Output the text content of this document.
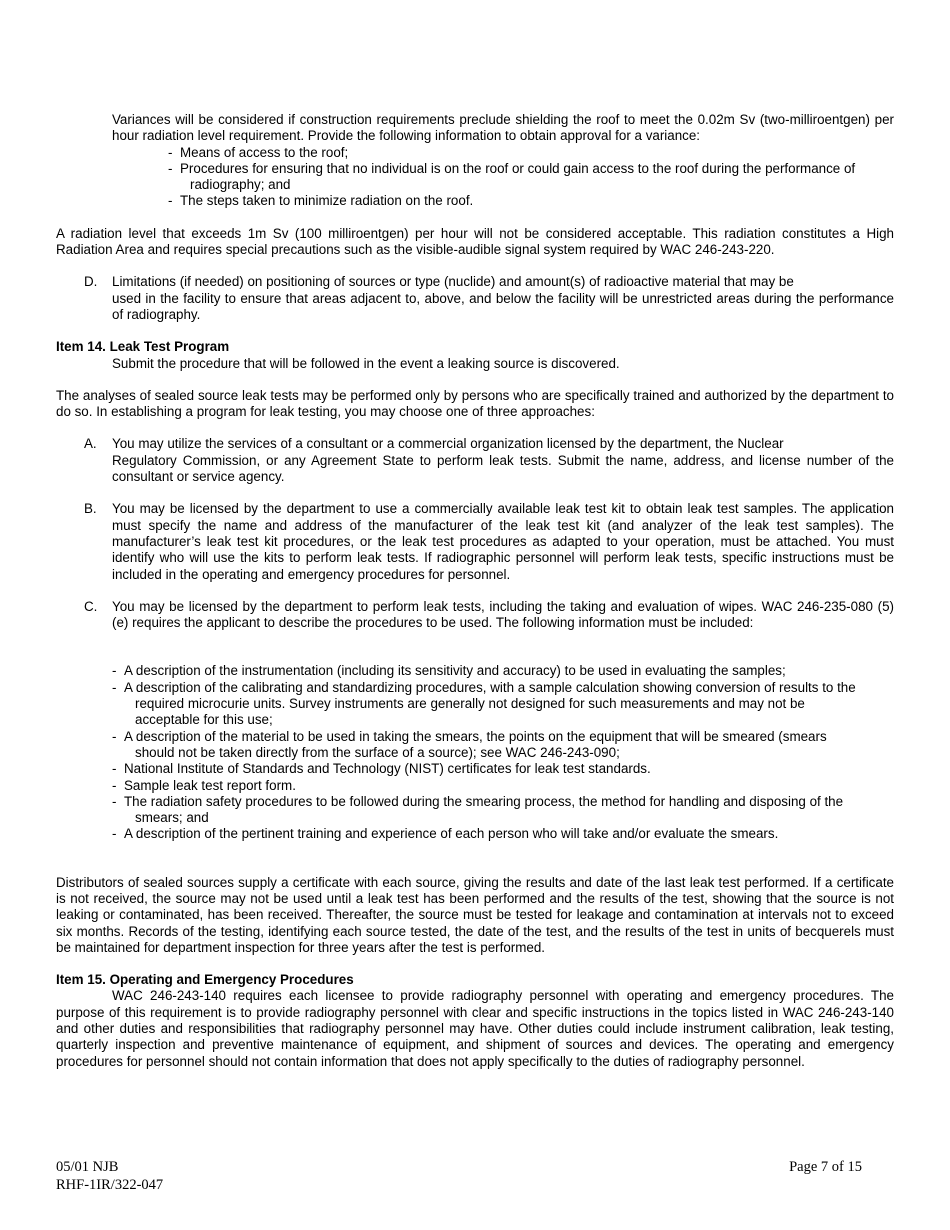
Variances will be considered if construction requirements preclude shielding the roof to meet the 0.02m Sv (two-milliroentgen) per hour radiation level requirement. Provide the following information to obtain approval for a variance:

- Means of access to the roof;
- Procedures for ensuring that no individual is on the roof or could gain access to the roof during the performance of
radiography; and
- The steps taken to minimize radiation on the roof.

A radiation level that exceeds 1m Sv (100 milliroentgen) per hour will not be considered acceptable. This radiation constitutes a High Radiation Area and requires special precautions such as the visible-audible signal system required by WAC 246-243-220.

D. Limitations (if needed) on positioning of sources or type (nuclide) and amount(s) of radioactive material that may be

used in the facility to ensure that areas adjacent to, above, and below the facility will be unrestricted areas during the performance of radiography.

Item 14. Leak Test Program

Submit the procedure that will be followed in the event a leaking source is discovered.

The analyses of sealed source leak tests may be performed only by persons who are specifically trained and authorized by the department to do so. In establishing a program for leak testing, you may choose one of three approaches:

A. You may utilize the services of a consultant or a commercial organization licensed by the department, the Nuclear

Regulatory Commission, or any Agreement State to perform leak tests. Submit the name, address, and license number of the consultant or service agency.

B. You may be licensed by the department to use a commercially available leak test kit to obtain leak test samples. The application must specify the name and address of the manufacturer of the leak test kit (and analyzer of the leak test samples). The manufacturer’s leak test kit procedures, or the leak test procedures as adapted to your operation, must be attached. You must identify who will use the kits to perform leak tests. If radiographic personnel will perform leak tests, specific instructions must be included in the operating and emergency procedures for personnel.

C. You may be licensed by the department to perform leak tests, including the taking and evaluation of wipes. WAC 246-235-080 (5) (e) requires the applicant to describe the procedures to be used. The following information must be included:

- A description of the instrumentation (including its sensitivity and accuracy) to be used in evaluating the samples;
- A description of the calibrating and standardizing procedures, with a sample calculation showing conversion of results to the
required microcurie units. Survey instruments are generally not designed for such measurements and may not be
acceptable for this use;
- A description of the material to be used in taking the smears, the points on the equipment that will be smeared (smears
should not be taken directly from the surface of a source); see WAC 246-243-090;
- National Institute of Standards and Technology (NIST) certificates for leak test standards.
- Sample leak test report form.
- The radiation safety procedures to be followed during the smearing process, the method for handling and disposing of the
smears; and
- A description of the pertinent training and experience of each person who will take and/or evaluate the smears.

Distributors of sealed sources supply a certificate with each source, giving the results and date of the last leak test performed. If a certificate is not received, the source may not be used until a leak test has been performed and the results of the test, showing that the source is not leaking or contaminated, has been received. Thereafter, the source must be tested for leakage and contamination at intervals not to exceed six months. Records of the testing, identifying each source tested, the date of the test, and the results of the test in units of becquerels must be maintained for department inspection for three years after the test is performed.

Item 15. Operating and Emergency Procedures

WAC 246-243-140 requires each licensee to provide radiography personnel with operating and emergency procedures. The purpose of this requirement is to provide radiography personnel with clear and specific instructions in the topics listed in WAC 246-243-140 and other duties and responsibilities that radiography personnel may have. Other duties could include instrument calibration, leak testing, quarterly inspection and preventive maintenance of equipment, and shipment of sources and devices. The operating and emergency procedures for personnel should not contain information that does not apply specifically to the duties of radiography personnel.

05/01 NJB
RHF-1IR/322-047
Page 7 of 15
